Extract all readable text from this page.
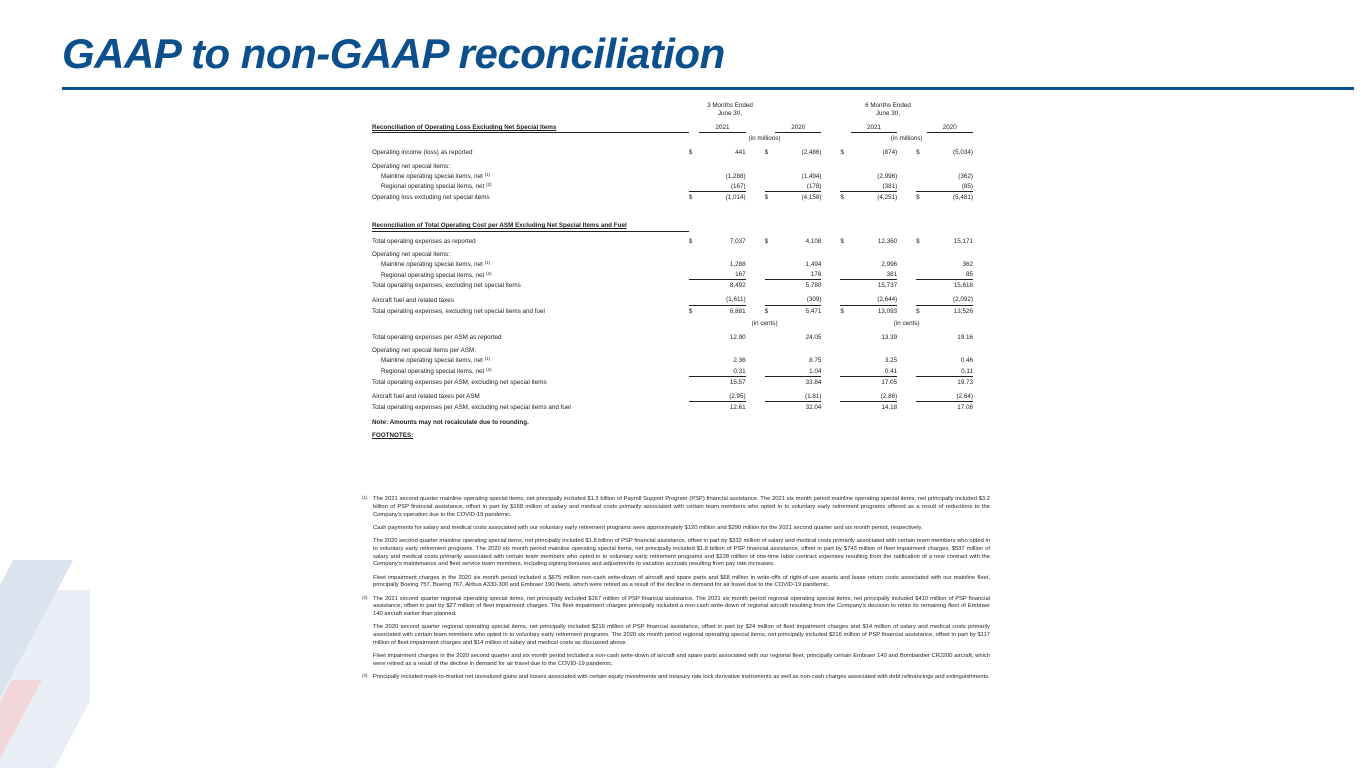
GAAP to non-GAAP reconciliation
3 Months Ended
June 30,
6 Months Ended
June 30,
Reconciliation of Operating Loss Excluding Net Special Items		2021			2020			2021			2020	
	(in millions)						(in millions)					

Operating income (loss) as reported	$	441		$	(2,486)		$	(874)		$	(5,034)	

Operating net special items:												
Mainline operating special items, net $^{(1)}$		(1,288)			(1,494)			(2,996)			(362)	
Regional operating special items, net $^{(2)}$		(167)			(178)			(381)			(85)	
Operating loss excluding net special items	$	(1,014)		$	(4,158)		$	(4,251)		$	(5,481)	

Reconciliation of Total Operating Cost per ASM Excluding Net Special Items and Fuel												

Total operating expenses as reported	$	7,037		$	4,108		$	12,360		$	15,171	

Operating net special items:												
Mainline operating special items, net $^{(1)}$		1,288			1,494			2,996			362	
Regional operating special items, net $^{(2)}$		167			178			381			85	
Total operating expenses, excluding net special items		8,492			5,780			15,737			15,618	

Aircraft fuel and related taxes		(1,611)			(309)			(2,644)			(2,092)	
Total operating expenses, excluding net special items and fuel	$	6,881		$	5,471		$	13,093		$	13,526	

	(in cents)						(in cents)					

Total operating expenses per ASM as reported		12.90			24.05			13.39			19.16	

Operating net special items per ASM:												
Mainline operating special items, net $^{(1)}$		2.36			8.75			3.25			0.46	
Regional operating special items, net $^{(2)}$		0.31			1.04			0.41			0.11	
Total operating expenses per ASM, excluding net special items		15.57			33.84			17.05			19.73	

Aircraft fuel and related taxes per ASM		(2.95)			(1.81)			(2.86)			(2.64)	
Total operating expenses per ASM, excluding net special items and fuel		12.61			32.04			14.18			17.08	

Note: Amounts may not recalculate due to rounding.												

FOOTNOTES:												
(1) The 2021 second quarter mainline operating special items, net principally included $1.3 billion of Payroll Support Program (PSP) financial assistance. The 2021 six month period mainline operating special items, net principally included $3.2 billion of PSP financial assistance, offset in part by $168 million of salary and medical costs primarily associated with certain team members who opted in to voluntary early retirement programs offered as a result of reductions to the Company's operation due to the COVID-19 pandemic.

Cash payments for salary and medical costs associated with our voluntary early retirement programs were approximately $120 million and $290 million for the 2021 second quarter and six month period, respectively.

The 2020 second quarter mainline operating special items, net principally included $1.8 billion of PSP financial assistance, offset in part by $332 million of salary and medical costs primarily associated with certain team members who opted in to voluntary early retirement programs. The 2020 six month period mainline operating special items, net principally included $1.8 billion of PSP financial assistance, offset in part by $743 million of fleet impairment charges, $537 million of salary and medical costs primarily associated with certain team members who opted in to voluntary early retirement programs and $228 million of one-time labor contract expenses resulting from the ratification of a new contract with the Company's maintenance and fleet service team members, including signing bonuses and adjustments to vacation accruals resulting from pay rate increases.

Fleet impairment charges in the 2020 six month period included a $675 million non-cash write-down of aircraft and spare parts and $68 million in write-offs of right-of-use assets and lease return costs associated with our mainline fleet, principally Boeing 757, Boeing 767, Airbus A330-300 and Embraer 190 fleets, which were retired as a result of the decline in demand for air travel due to the COVID-19 pandemic.

(2) The 2021 second quarter regional operating special items, net principally included $167 million of PSP financial assistance. The 2021 six month period regional operating special items, net principally included $410 million of PSP financial assistance, offset in part by $27 million of fleet impairment charges. The fleet impairment charges principally included a non-cash write-down of regional aircraft resulting from the Company's decision to retire its remaining fleet of Embraer 140 aircraft earlier than planned.

The 2020 second quarter regional operating special items, net principally included $216 million of PSP financial assistance, offset in part by $24 million of fleet impairment charges and $14 million of salary and medical costs primarily associated with certain team members who opted in to voluntary early retirement programs. The 2020 six month period regional operating special items, net principally included $216 million of PSP financial assistance, offset in part by $117 million of fleet impairment charges and $14 million of salary and medical costs as discussed above.

Fleet impairment charges in the 2020 second quarter and six month period included a non-cash write-down of aircraft and spare parts associated with our regional fleet, principally certain Embraer 140 and Bombardier CRJ200 aircraft, which were retired as a result of the decline in demand for air travel due to the COVID-19 pandemic.

(3) Principally included mark-to-market net unrealized gains and losses associated with certain equity investments and treasury rate lock derivative instruments as well as non-cash charges associated with debt refinancings and extinguishments.
